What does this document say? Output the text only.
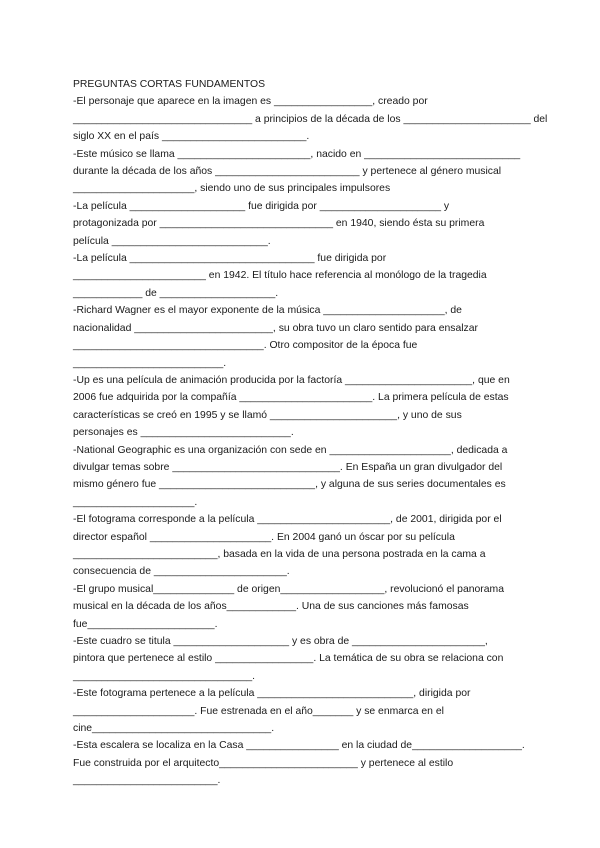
PREGUNTAS CORTAS FUNDAMENTOS
-El personaje que aparece en la imagen es _________________, creado por
_______________________________ a principios de la década de los ______________________ del
siglo XX en el país _________________________.
-Este músico se llama _______________________, nacido en ___________________________
durante la década de los años _________________________ y pertenece al género musical
_____________________, siendo uno de sus principales impulsores
-La película ____________________ fue dirigida por _____________________ y
protagonizada por ______________________________ en 1940, siendo ésta su primera
película ___________________________.
-La película ________________________________ fue dirigida por
_______________________ en 1942. El título hace referencia al monólogo de la tragedia
____________ de ____________________.
-Richard Wagner es el mayor exponente de la música _____________________, de
nacionalidad ________________________, su obra tuvo un claro sentido para ensalzar
_________________________________. Otro compositor de la época fue
__________________________.
-Up es una película de animación producida por la factoría ______________________, que en
2006 fue adquirida por la compañía _______________________. La primera película de estas
características se creó en 1995 y se llamó ______________________, y uno de sus
personajes es __________________________.
-National Geographic es una organización con sede en _____________________, dedicada a
divulgar temas sobre _____________________________. En España un gran divulgador del
mismo género fue ___________________________, y alguna de sus series documentales es
_____________________.
-El fotograma corresponde a la película _______________________, de 2001, dirigida por el
director español _____________________. En 2004 ganó un óscar por su película
_________________________, basada en la vida de una persona postrada en la cama a
consecuencia de _______________________.
-El grupo musical______________ de origen__________________, revolucionó el panorama
musical en la década de los años____________. Una de sus canciones más famosas
fue______________________.
-Este cuadro se titula ____________________ y es obra de _______________________,
pintora que pertenece al estilo _________________. La temática de su obra se relaciona con
_______________________________.
-Este fotograma pertenece a la película ___________________________, dirigida por
_____________________. Fue estrenada en el año_______ y se enmarca en el
cine_______________________________.
-Esta escalera se localiza en la Casa ________________ en la ciudad de___________________.
Fue construida por el arquitecto________________________ y pertenece al estilo
_________________________.
